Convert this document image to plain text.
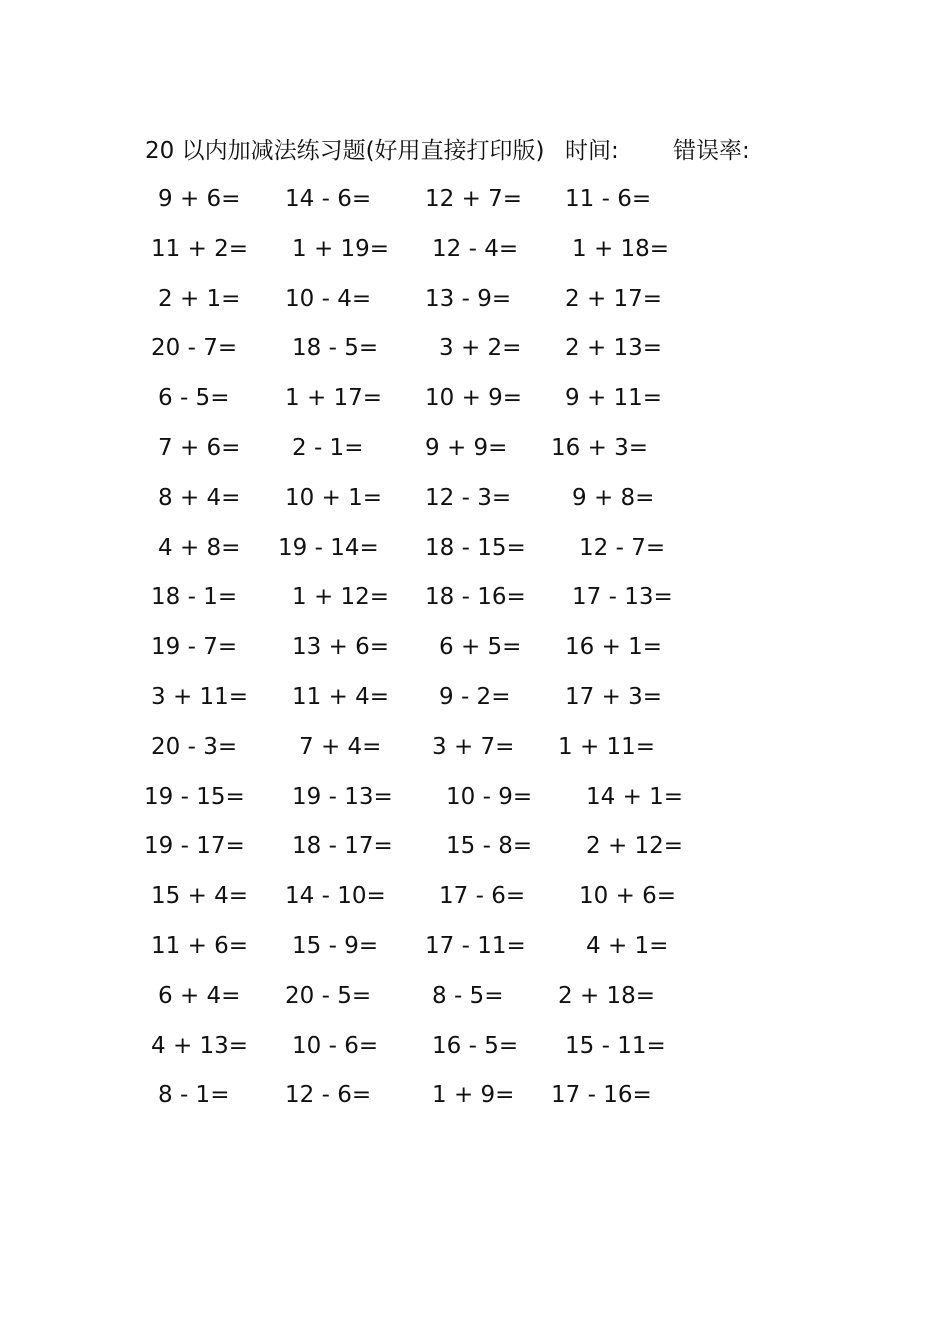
20 以内加减法练习题(好用直接打印版) 时间: 错误率:
9 + 6= 14 - 6= 12 + 7= 11 - 6=
11 + 2= 1 + 19= 12 - 4= 1 + 18=
2 + 1= 10 - 4= 13 - 9= 2 + 17=
20 - 7= 18 - 5=	3 + 2= 2 + 13=
6 - 5= 1 + 17= 10 + 9= 9 + 11=
7 + 6= 2 - 1=	9 + 9= 16 + 3=
8 + 4= 10 + 1= 12 - 3=	9 + 8=
4 + 8= 19 - 14= 18 - 15= 12 - 7=
18 - 1= 1 + 12= 18 - 16= 17 - 13=
19 - 7= 13 + 6= 6 + 5= 16 + 1=
3 + 11= 11 + 4= 9 - 2= 17 + 3=
20 - 3=	7 + 4= 3 + 7= 1 + 11=
19 - 15= 19 - 13= 10 - 9= 14 + 1=
19 - 17= 18 - 17= 15 - 8= 2 + 12=
15 + 4= 14 - 10= 17 - 6= 10 + 6=
11 + 6= 15 - 9= 17 - 11=	4 + 1=
6 + 4= 20 - 5=	8 - 5= 2 + 18=
4 + 13= 10 - 6= 16 - 5= 15 - 11=
8 - 1= 12 - 6=	1 + 9= 17 - 16=
